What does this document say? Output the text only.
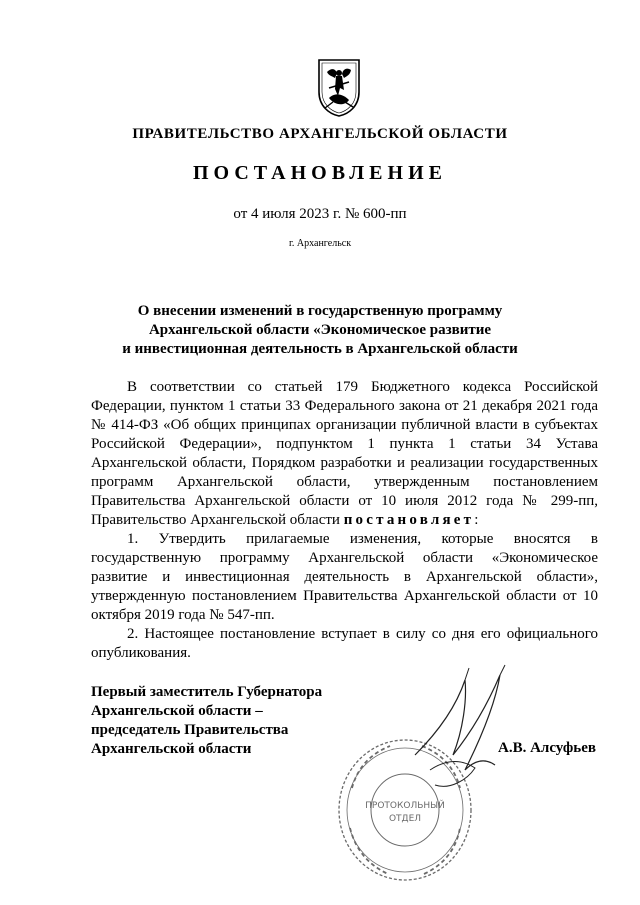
ПРАВИТЕЛЬСТВО АРХАНГЕЛЬСКОЙ ОБЛАСТИ
ПОСТАНОВЛЕНИЕ
от 4 июля 2023 г. № 600-пп
г. Архангельск
О внесении изменений в государственную программу
Архангельской области «Экономическое развитие
и инвестиционная деятельность в Архангельской области

В соответствии со статьей 179 Бюджетного кодекса Российской Федерации, пунктом 1 статьи 33 Федерального закона от 21 декабря 2021 года № 414-ФЗ «Об общих принципах организации публичной власти в субъектах Российской Федерации», подпунктом 1 пункта 1 статьи 34 Устава Архангельской области, Порядком разработки и реализации государственных программ Архангельской области, утвержденным постановлением Правительства Архангельской области от 10 июля 2012 года № 299-пп, Правительство Архангельской области постановляет:

1. Утвердить прилагаемые изменения, которые вносятся в государственную программу Архангельской области «Экономическое развитие и инвестиционная деятельность в Архангельской области», утвержденную постановлением Правительства Архангельской области от 10 октября 2019 года № 547-пп.

2. Настоящее постановление вступает в силу со дня его официального опубликования.

Первый заместитель Губернатора
Архангельской области –
председатель Правительства
Архангельской области
ПРОТОКОЛЬНЫЙ
ОТДЕЛ
А.В. Алсуфьев
